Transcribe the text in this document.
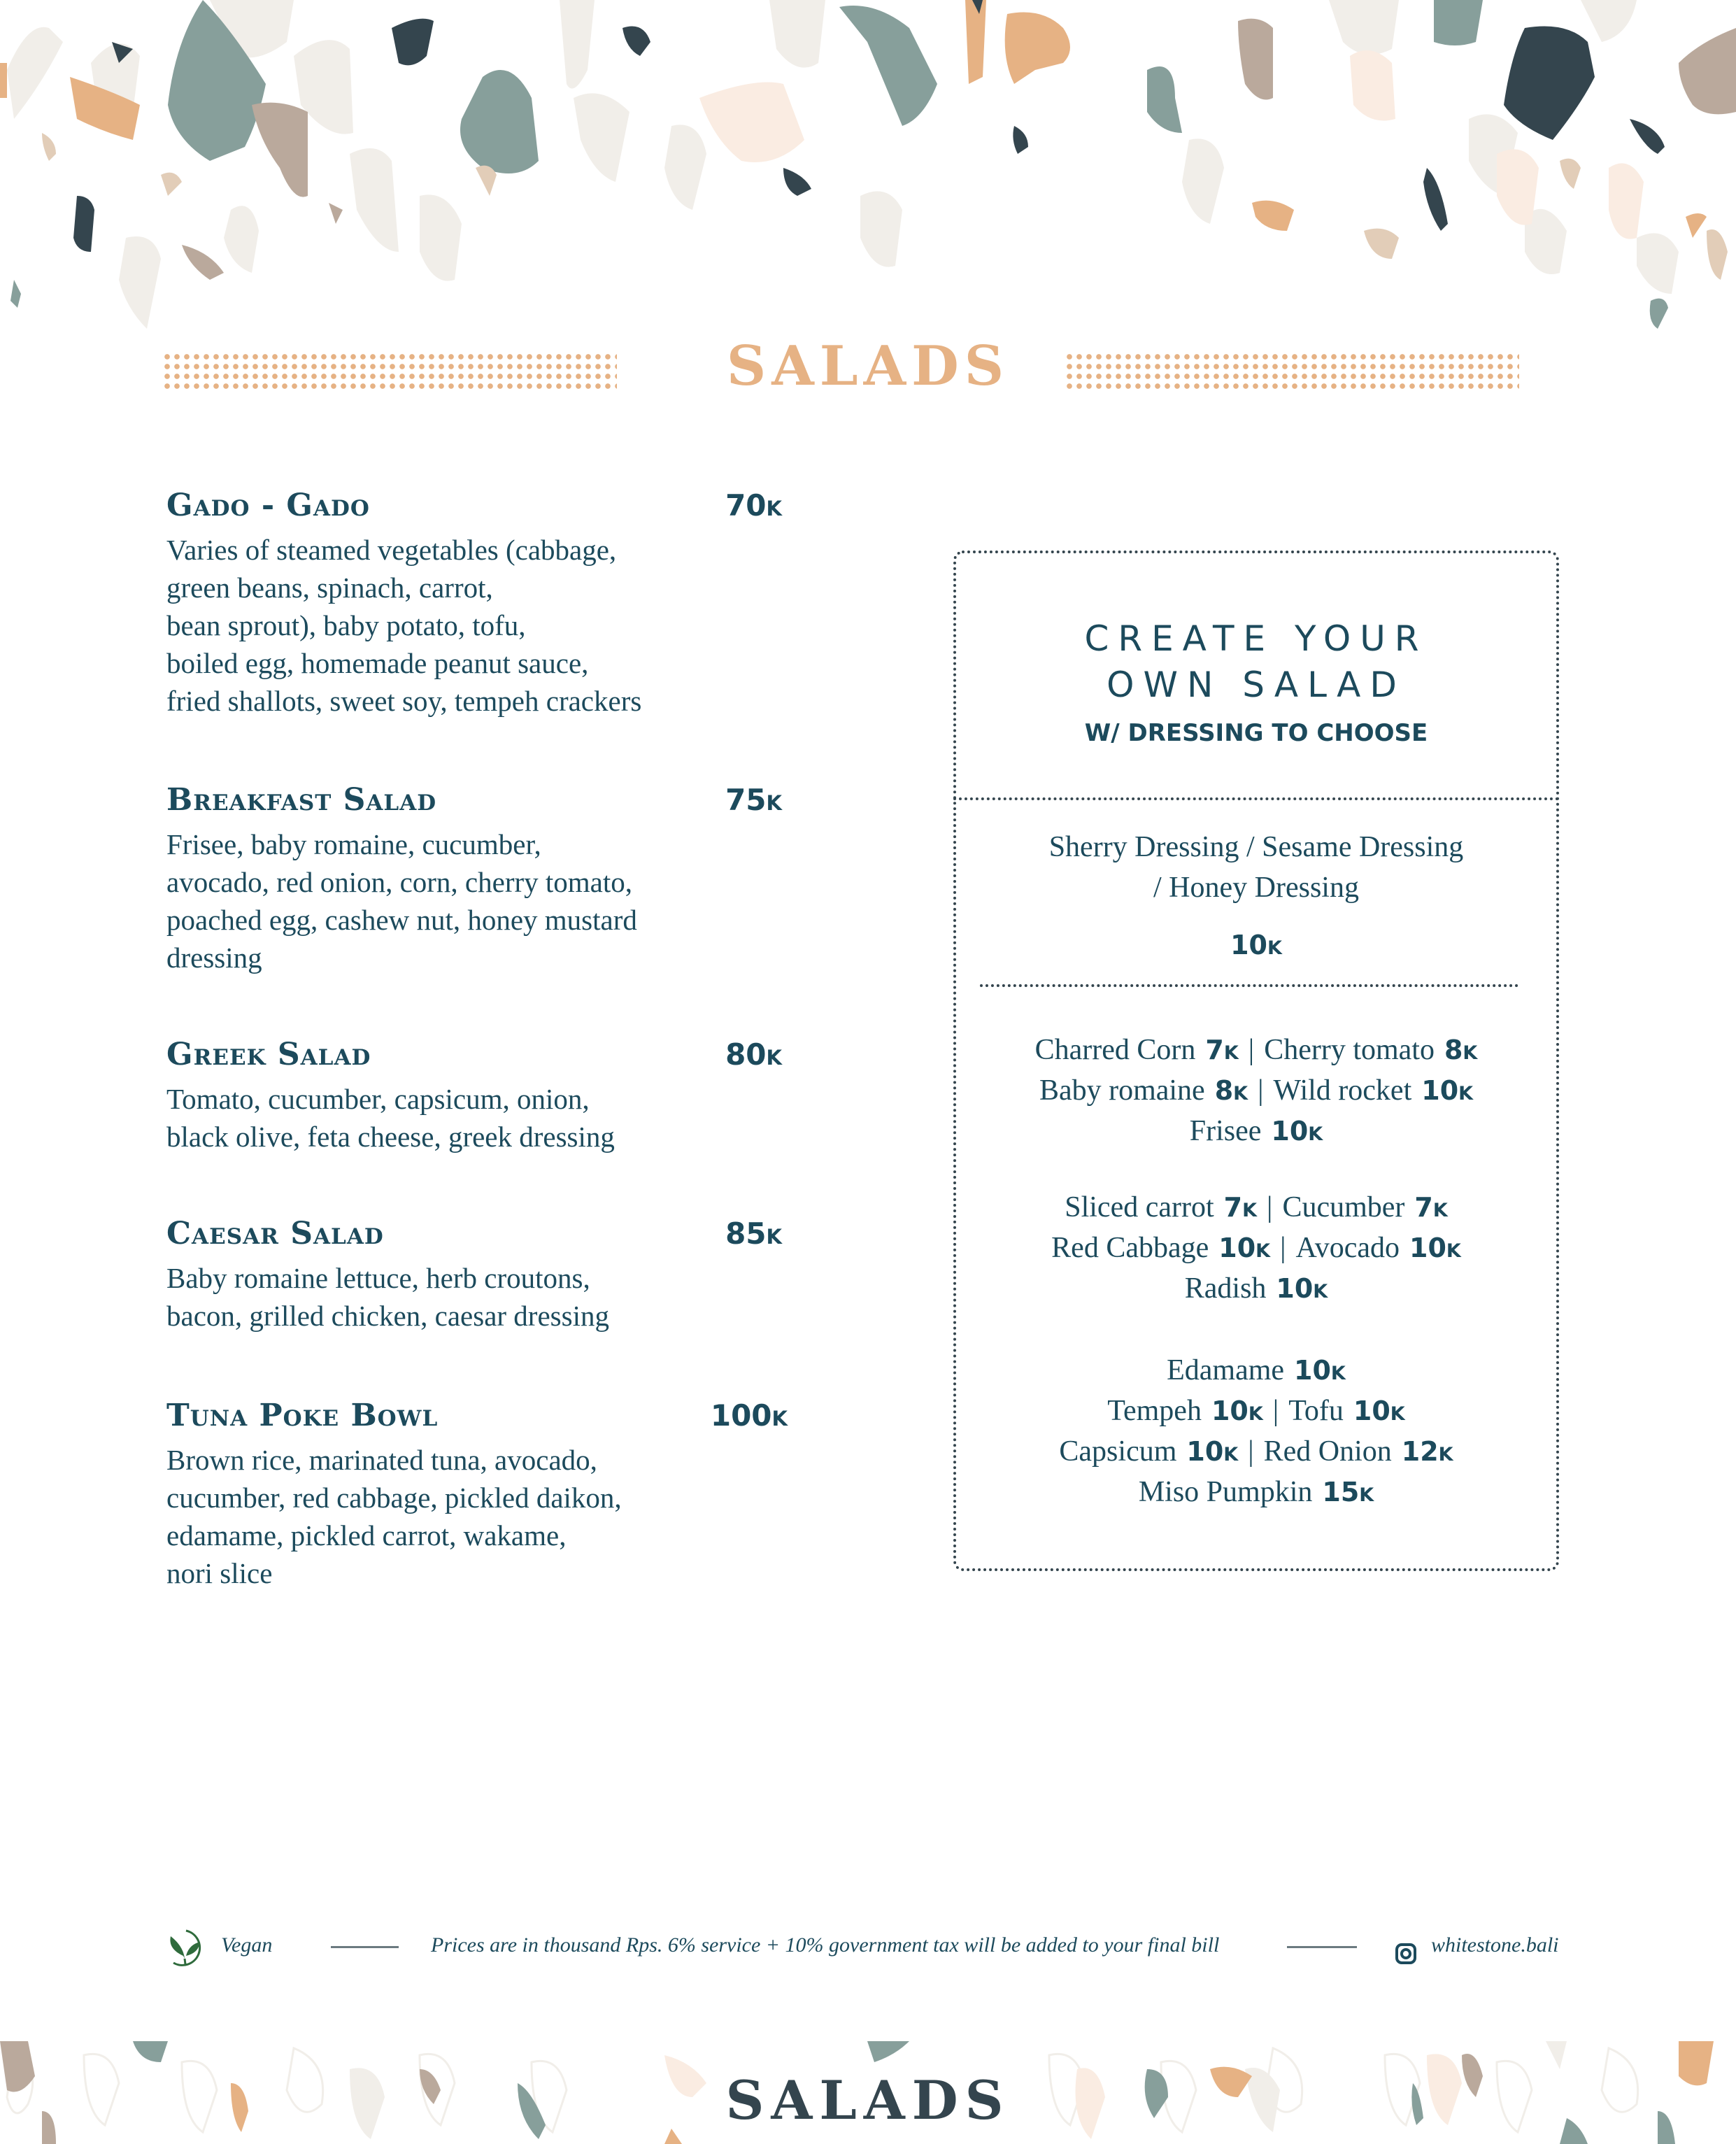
SALADS
Gado - Gado	70k
Varies of steamed vegetables (cabbage,
green beans, spinach, carrot,
bean sprout), baby potato, tofu,
boiled egg, homemade peanut sauce,
fried shallots, sweet soy, tempeh crackers
Breakfast Salad	75k
Frisee, baby romaine, cucumber,
avocado, red onion, corn, cherry tomato,
poached egg, cashew nut, honey mustard
dressing
Greek Salad	80k
Tomato, cucumber, capsicum, onion,
black olive, feta cheese, greek dressing
Caesar Salad	85k
Baby romaine lettuce, herb croutons,
bacon, grilled chicken, caesar dressing
Tuna Poke Bowl	100k
Brown rice, marinated tuna, avocado,
cucumber, red cabbage, pickled daikon,
edamame, pickled carrot, wakame,
nori slice
CREATE YOUR
OWN SALAD
W/ DRESSING TO CHOOSE
Sherry Dressing / Sesame Dressing
/ Honey Dressing
10k
Charred Corn 7k | Cherry tomato 8k
Baby romaine 8k | Wild rocket 10k
Frisee 10k
Sliced carrot 7k | Cucumber 7k
Red Cabbage 10k | Avocado 10k
Radish 10k
Edamame 10k
Tempeh 10k | Tofu 10k
Capsicum 10k | Red Onion 12k
Miso Pumpkin 15k
Vegan	Prices are in thousand Rps. 6% service + 10% government tax will be added to your final bill	whitestone.bali
SALADS
